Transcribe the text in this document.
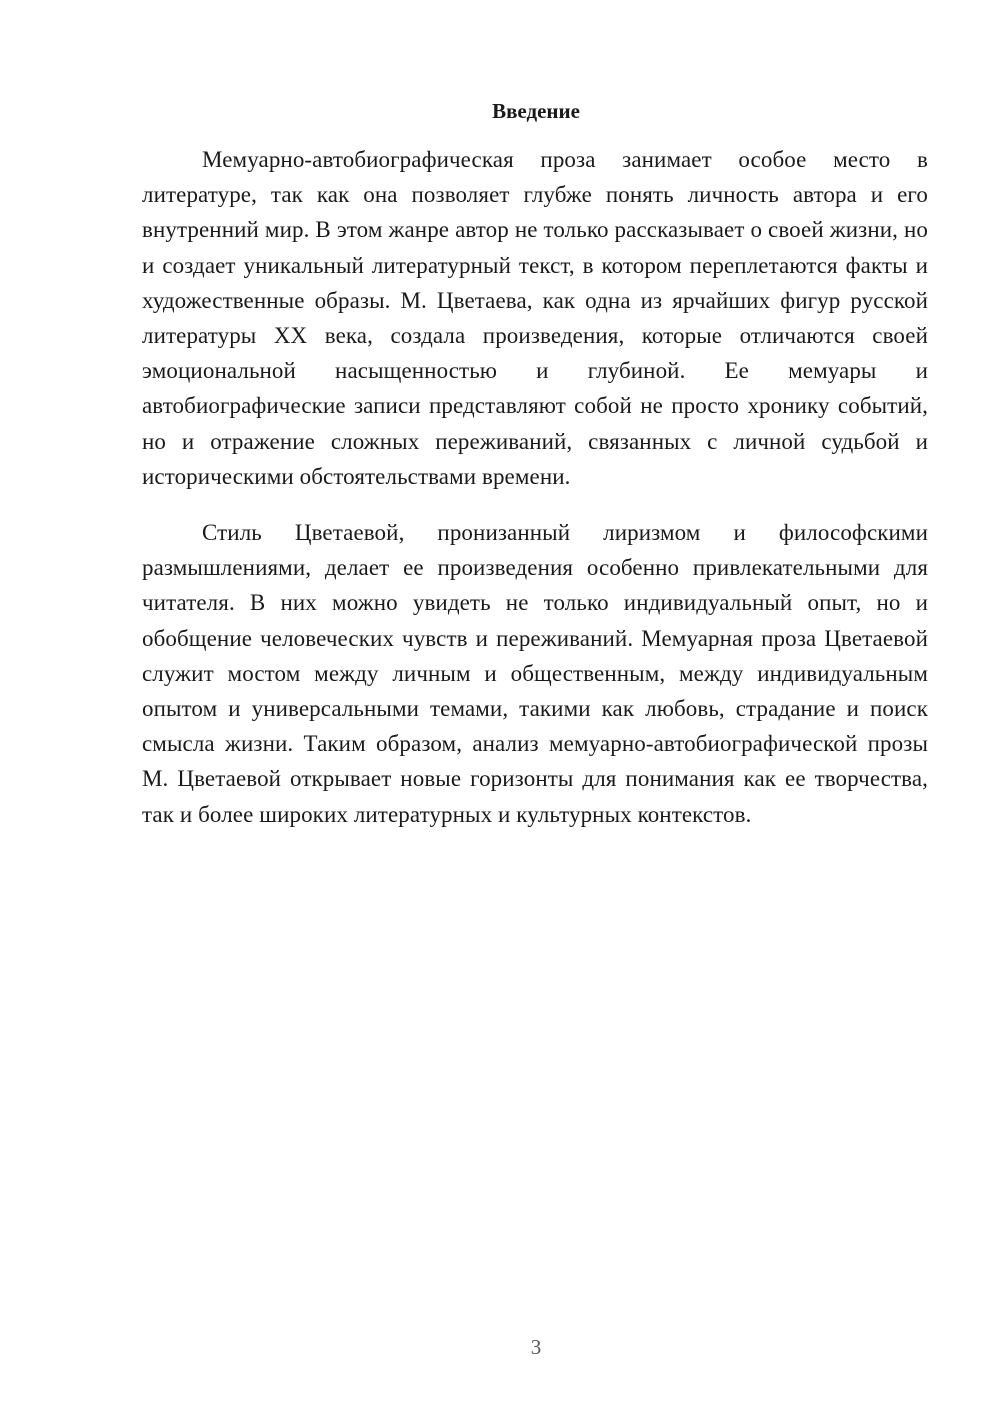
Введение

Мемуарно-автобиографическая проза занимает особое место в литературе, так как она позволяет глубже понять личность автора и его внутренний мир. В этом жанре автор не только рассказывает о своей жизни, но и создает уникальный литературный текст, в котором переплетаются факты и художественные образы. М. Цветаева, как одна из ярчайших фигур русской литературы XX века, создала произведения, которые отличаются своей эмоциональной насыщенностью и глубиной. Ее мемуары и автобиографические записи представляют собой не просто хронику событий, но и отражение сложных переживаний, связанных с личной судьбой и историческими обстоятельствами времени.

Стиль Цветаевой, пронизанный лиризмом и философскими размышлениями, делает ее произведения особенно привлекательными для читателя. В них можно увидеть не только индивидуальный опыт, но и обобщение человеческих чувств и переживаний. Мемуарная проза Цветаевой служит мостом между личным и общественным, между индивидуальным опытом и универсальными темами, такими как любовь, страдание и поиск смысла жизни. Таким образом, анализ мемуарно-автобиографической прозы М. Цветаевой открывает новые горизонты для понимания как ее творчества, так и более широких литературных и культурных контекстов.

3
